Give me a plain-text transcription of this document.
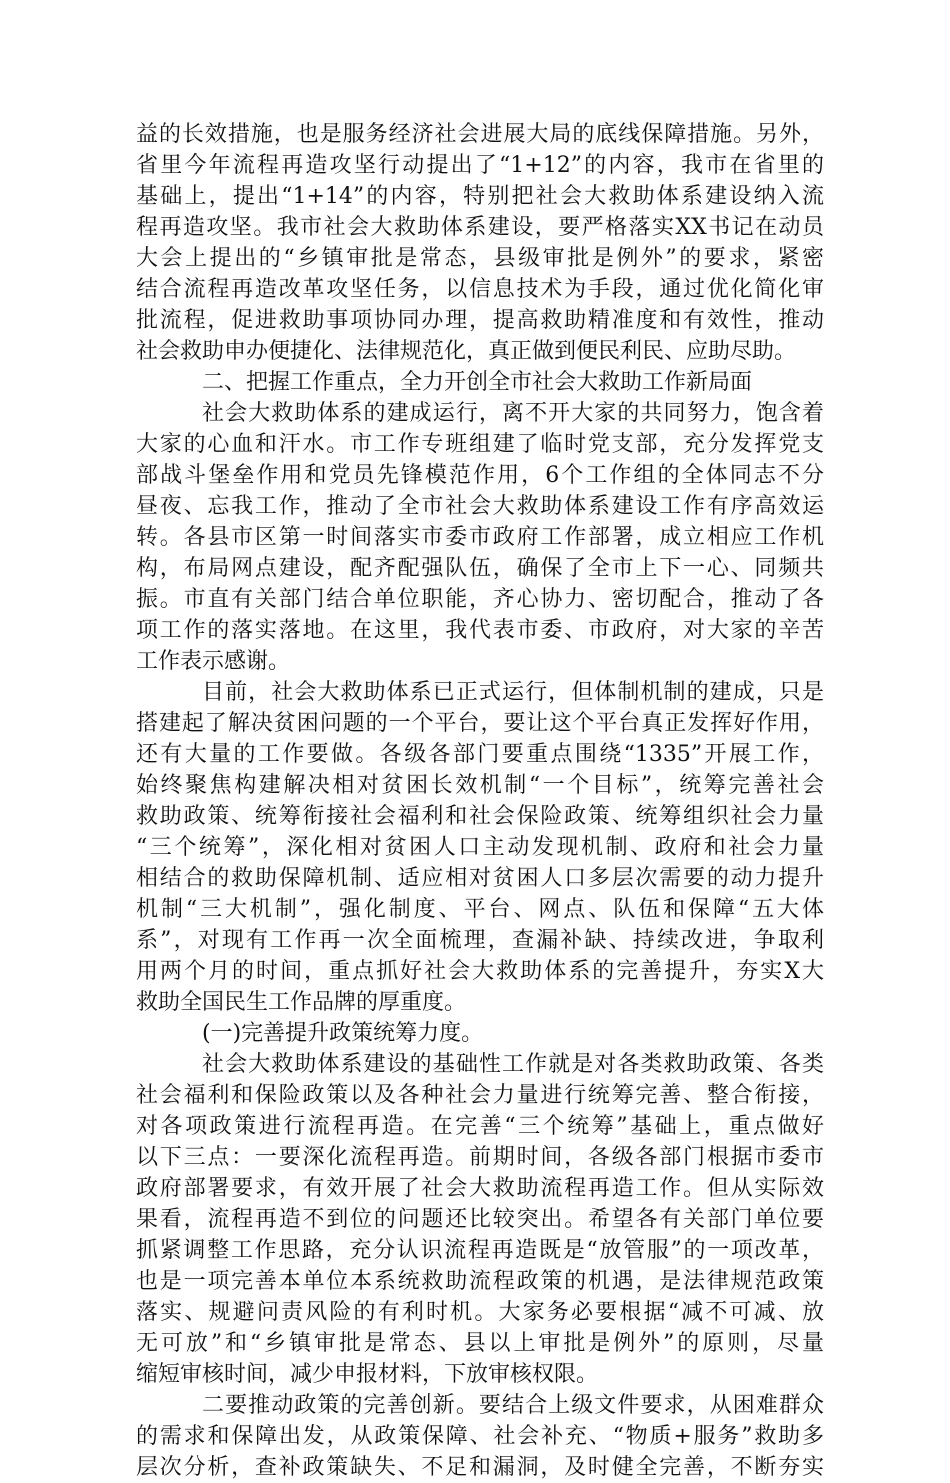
益的长效措施，也是服务经济社会进展大局的底线保障措施。另外，
省里今年流程再造攻坚行动提出了“1+12”的内容，我市在省里的
基础上，提出“1+14”的内容，特别把社会大救助体系建设纳入流
程再造攻坚。我市社会大救助体系建设，要严格落实XX书记在动员
大会上提出的“乡镇审批是常态，县级审批是例外”的要求，紧密
结合流程再造改革攻坚任务，以信息技术为手段，通过优化简化审
批流程，促进救助事项协同办理，提高救助精准度和有效性，推动
社会救助申办便捷化、法律规范化，真正做到便民利民、应助尽助。
二、把握工作重点，全力开创全市社会大救助工作新局面
社会大救助体系的建成运行，离不开大家的共同努力，饱含着
大家的心血和汗水。市工作专班组建了临时党支部，充分发挥党支
部战斗堡垒作用和党员先锋模范作用，6个工作组的全体同志不分
昼夜、忘我工作，推动了全市社会大救助体系建设工作有序高效运
转。各县市区第一时间落实市委市政府工作部署，成立相应工作机
构，布局网点建设，配齐配强队伍，确保了全市上下一心、同频共
振。市直有关部门结合单位职能，齐心协力、密切配合，推动了各
项工作的落实落地。在这里，我代表市委、市政府，对大家的辛苦
工作表示感谢。
目前，社会大救助体系已正式运行，但体制机制的建成，只是
搭建起了解决贫困问题的一个平台，要让这个平台真正发挥好作用，
还有大量的工作要做。各级各部门要重点围绕“1335”开展工作，
始终聚焦构建解决相对贫困长效机制“一个目标”，统筹完善社会
救助政策、统筹衔接社会福利和社会保险政策、统筹组织社会力量
“三个统筹”，深化相对贫困人口主动发现机制、政府和社会力量
相结合的救助保障机制、适应相对贫困人口多层次需要的动力提升
机制“三大机制”，强化制度、平台、网点、队伍和保障“五大体
系”，对现有工作再一次全面梳理，查漏补缺、持续改进，争取利
用两个月的时间，重点抓好社会大救助体系的完善提升，夯实X大
救助全国民生工作品牌的厚重度。
(一)完善提升政策统筹力度。
社会大救助体系建设的基础性工作就是对各类救助政策、各类
社会福利和保险政策以及各种社会力量进行统筹完善、整合衔接，
对各项政策进行流程再造。在完善“三个统筹”基础上，重点做好
以下三点：一要深化流程再造。前期时间，各级各部门根据市委市
政府部署要求，有效开展了社会大救助流程再造工作。但从实际效
果看，流程再造不到位的问题还比较突出。希望各有关部门单位要
抓紧调整工作思路，充分认识流程再造既是“放管服”的一项改革，
也是一项完善本单位本系统救助流程政策的机遇，是法律规范政策
落实、规避问责风险的有利时机。大家务必要根据“减不可减、放
无可放”和“乡镇审批是常态、县以上审批是例外”的原则，尽量
缩短审核时间，减少申报材料，下放审核权限。
二要推动政策的完善创新。要结合上级文件要求，从困难群众
的需求和保障出发，从政策保障、社会补充、“物质+服务”救助多
层次分析，查补政策缺失、不足和漏洞，及时健全完善，不断夯实
